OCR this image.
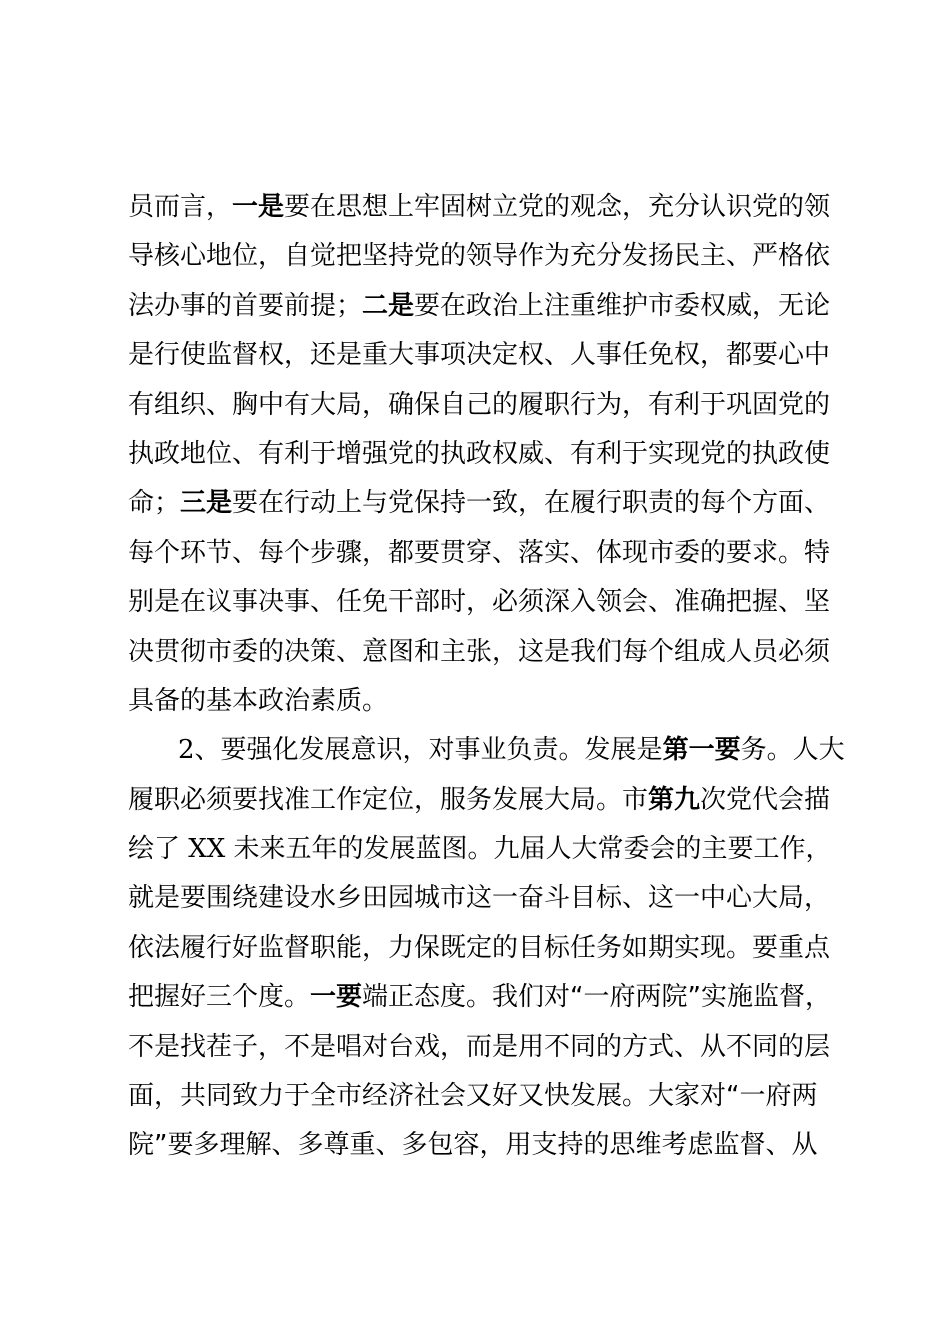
员而言，一是要在思想上牢固树立党的观念，充分认识党的领
导核心地位，自觉把坚持党的领导作为充分发扬民主、严格依
法办事的首要前提；二是要在政治上注重维护市委权威，无论
是行使监督权，还是重大事项决定权、人事任免权，都要心中
有组织、胸中有大局，确保自己的履职行为，有利于巩固党的
执政地位、有利于增强党的执政权威、有利于实现党的执政使
命；三是要在行动上与党保持一致，在履行职责的每个方面、
每个环节、每个步骤，都要贯穿、落实、体现市委的要求。特
别是在议事决事、任免干部时，必须深入领会、准确把握、坚
决贯彻市委的决策、意图和主张，这是我们每个组成人员必须
具备的基本政治素质。
2、要强化发展意识，对事业负责。发展是第一要务。人大
履职必须要找准工作定位，服务发展大局。市第九次党代会描
绘了 XX 未来五年的发展蓝图。九届人大常委会的主要工作，
就是要围绕建设水乡田园城市这一奋斗目标、这一中心大局，
依法履行好监督职能，力保既定的目标任务如期实现。要重点
把握好三个度。一要端正态度。我们对“一府两院”实施监督，
不是找茬子，不是唱对台戏，而是用不同的方式、从不同的层
面，共同致力于全市经济社会又好又快发展。大家对“一府两
院”要多理解、多尊重、多包容，用支持的思维考虑监督、从
